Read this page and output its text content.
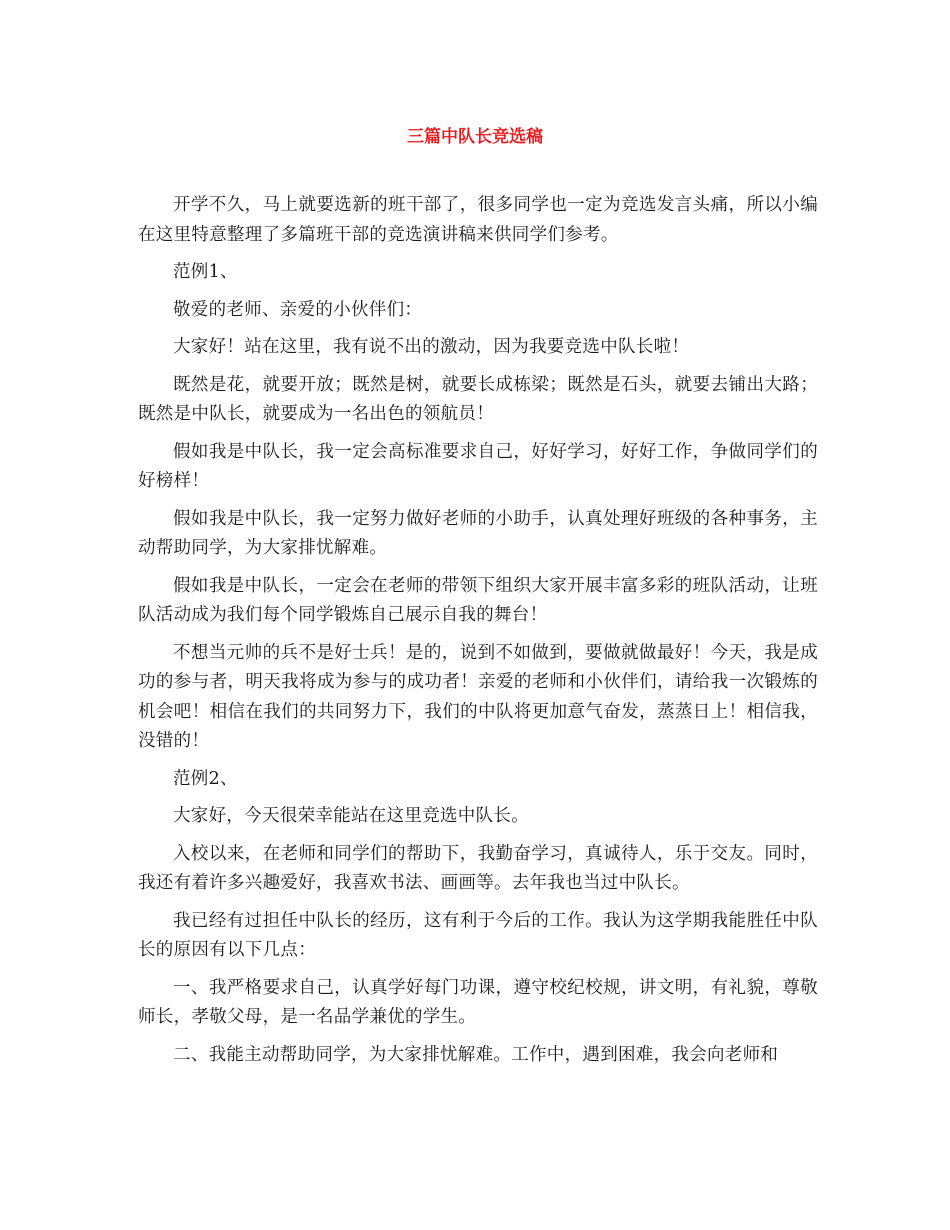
三篇中队长竞选稿

开学不久，马上就要选新的班干部了，很多同学也一定为竞选发言头痛，所以小编在这里特意整理了多篇班干部的竞选演讲稿来供同学们参考。

范例1、

敬爱的老师、亲爱的小伙伴们：

大家好！站在这里，我有说不出的激动，因为我要竞选中队长啦！

既然是花，就要开放；既然是树，就要长成栋梁；既然是石头，就要去铺出大路；既然是中队长，就要成为一名出色的领航员！

假如我是中队长，我一定会高标准要求自己，好好学习，好好工作，争做同学们的好榜样！

假如我是中队长，我一定努力做好老师的小助手，认真处理好班级的各种事务，主动帮助同学，为大家排忧解难。

假如我是中队长，一定会在老师的带领下组织大家开展丰富多彩的班队活动，让班队活动成为我们每个同学锻炼自己展示自我的舞台！

不想当元帅的兵不是好士兵！是的，说到不如做到，要做就做最好！今天，我是成功的参与者，明天我将成为参与的成功者！亲爱的老师和小伙伴们，请给我一次锻炼的机会吧！相信在我们的共同努力下，我们的中队将更加意气奋发，蒸蒸日上！相信我，没错的！

范例2、

大家好，今天很荣幸能站在这里竞选中队长。

入校以来，在老师和同学们的帮助下，我勤奋学习，真诚待人，乐于交友。同时，我还有着许多兴趣爱好，我喜欢书法、画画等。去年我也当过中队长。

我已经有过担任中队长的经历，这有利于今后的工作。我认为这学期我能胜任中队长的原因有以下几点：

一、我严格要求自己，认真学好每门功课，遵守校纪校规，讲文明，有礼貌，尊敬师长，孝敬父母，是一名品学兼优的学生。

二、我能主动帮助同学，为大家排忧解难。工作中，遇到困难，我会向老师和
